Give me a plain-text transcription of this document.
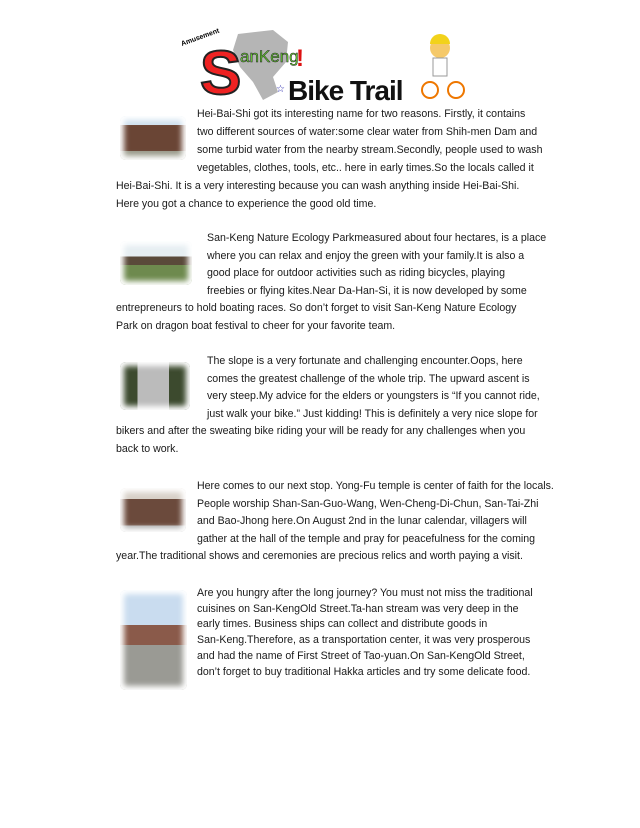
Amusement
S
anKeng
!
☆ Bike Trail
Hei-Bai-Shi got its interesting name for two reasons. Firstly, it contains
two different sources of water:some clear water from Shih-men Dam and
some turbid water from the nearby stream.Secondly, people used to wash
vegetables, clothes, tools, etc.. here in early times.So the locals called it
Hei-Bai-Shi. It is a very interesting because you can wash anything inside Hei-Bai-Shi.
Here you got a chance to experience the good old time.
San-Keng Nature Ecology Parkmeasured about four hectares, is a place
where you can relax and enjoy the green with your family.It is also a
good place for outdoor activities such as riding bicycles, playing
freebies or flying kites.Near Da-Han-Si, it is now developed by some
entrepreneurs to hold boating races. So don’t forget to visit San-Keng Nature Ecology
Park on dragon boat festival to cheer for your favorite team.
The slope is a very fortunate and challenging encounter.Oops, here
comes the greatest challenge of the whole trip. The upward ascent is
very steep.My advice for the elders or youngsters is “If you cannot ride,
just walk your bike.” Just kidding! This is definitely a very nice slope for
bikers and after the sweating bike riding your will be ready for any challenges when you
back to work.
Here comes to our next stop. Yong-Fu temple is center of faith for the locals.
People worship Shan-San-Guo-Wang, Wen-Cheng-Di-Chun, San-Tai-Zhi
and Bao-Jhong here.On August 2nd in the lunar calendar, villagers will
gather at the hall of the temple and pray for peacefulness for the coming
year.The traditional shows and ceremonies are precious relics and worth paying a visit.
Are you hungry after the long journey? You must not miss the traditional
cuisines on San-KengOld Street.Ta-han stream was very deep in the
early times. Business ships can collect and distribute goods in
San-Keng.Therefore, as a transportation center, it was very prosperous
and had the name of First Street of Tao-yuan.On San-KengOld Street,
don’t forget to buy traditional Hakka articles and try some delicate food.
